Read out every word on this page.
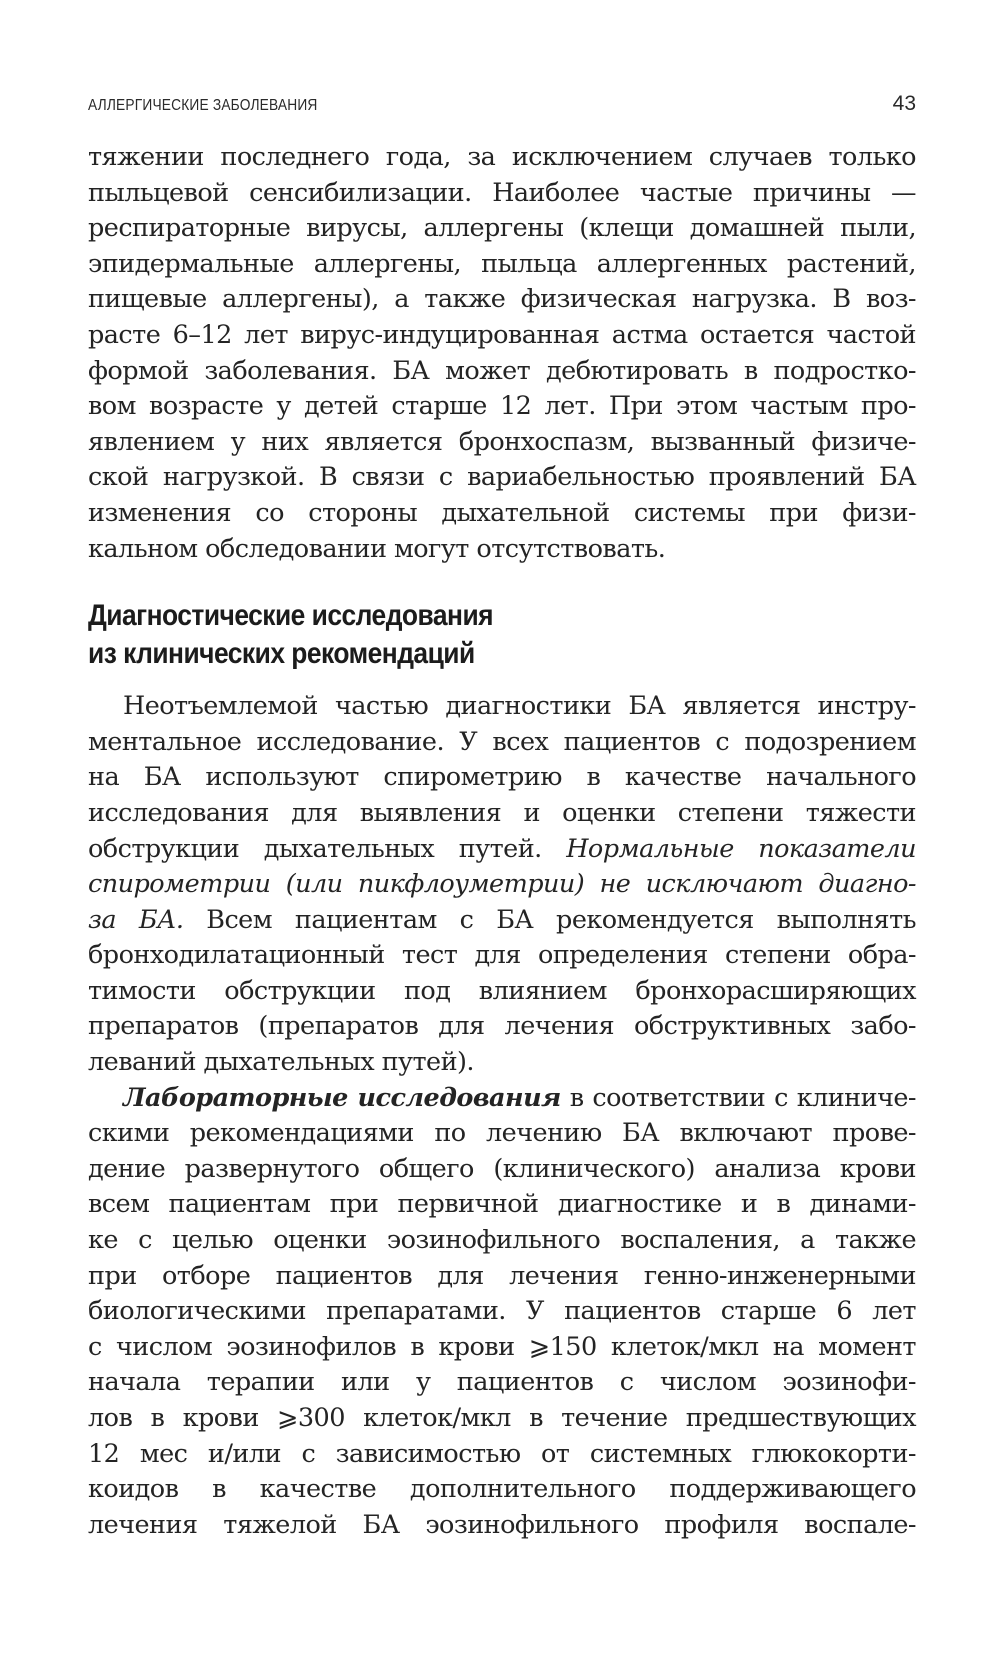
АЛЛЕРГИЧЕСКИЕ ЗАБОЛЕВАНИЯ	43

тяжении последнего года, за исключением случаев только
пыльцевой сенсибилизации. Наиболее частые причины —
респираторные вирусы, аллергены (клещи домашней пыли,
эпидермальные аллергены, пыльца аллергенных растений,
пищевые аллергены), а также физическая нагрузка. В воз-
расте 6–12 лет вирус-индуцированная астма остается частой
формой заболевания. БА может дебютировать в подростко-
вом возрасте у детей старше 12 лет. При этом частым про-
явлением у них является бронхоспазм, вызванный физиче-
ской нагрузкой. В связи с вариабельностью проявлений БА
изменения со стороны дыхательной системы при физи-
кальном обследовании могут отсутствовать.

Диагностические исследования
из клинических рекомендаций

Неотъемлемой частью диагностики БА является инстру-
ментальное исследование. У всех пациентов с подозрением
на БА используют спирометрию в качестве начального
исследования для выявления и оценки степени тяжести
обструкции дыхательных путей. Нормальные показатели
спирометрии (или пикфлоуметрии) не исключают диагно-
за БА. Всем пациентам с БА рекомендуется выполнять
бронходилатационный тест для определения степени обра-
тимости обструкции под влиянием бронхорасширяющих
препаратов (препаратов для лечения обструктивных забо-
леваний дыхательных путей).

Лабораторные исследования в соответствии с клиниче-
скими рекомендациями по лечению БА включают прове-
дение развернутого общего (клинического) анализа крови
всем пациентам при первичной диагностике и в динами-
ке с целью оценки эозинофильного воспаления, а также
при отборе пациентов для лечения генно-инженерными
биологическими препаратами. У пациентов старше 6 лет
с числом эозинофилов в крови ⩾150 клеток/мкл на момент
начала терапии или у пациентов с числом эозинофи-
лов в крови ⩾300 клеток/мкл в течение предшествующих
12 мес и/или с зависимостью от системных глюкокорти-
коидов в качестве дополнительного поддерживающего
лечения тяжелой БА эозинофильного профиля воспале-
